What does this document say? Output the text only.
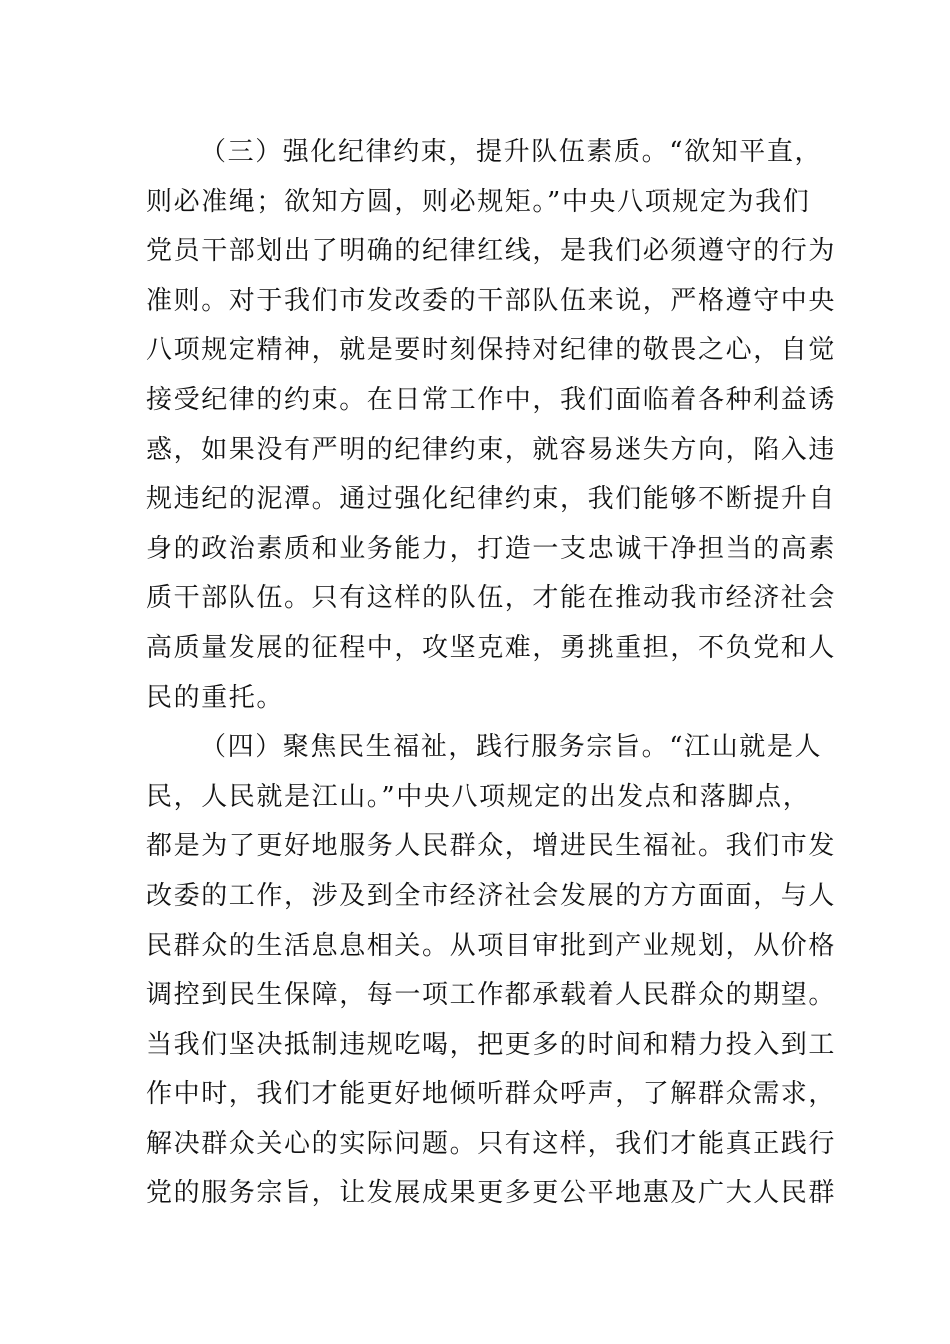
（三）强化纪律约束，提升队伍素质。“欲知平直，
则必准绳；欲知方圆，则必规矩。”中央八项规定为我们
党员干部划出了明确的纪律红线，是我们必须遵守的行为
准则。对于我们市发改委的干部队伍来说，严格遵守中央
八项规定精神，就是要时刻保持对纪律的敬畏之心，自觉
接受纪律的约束。在日常工作中，我们面临着各种利益诱
惑，如果没有严明的纪律约束，就容易迷失方向，陷入违
规违纪的泥潭。通过强化纪律约束，我们能够不断提升自
身的政治素质和业务能力，打造一支忠诚干净担当的高素
质干部队伍。只有这样的队伍，才能在推动我市经济社会
高质量发展的征程中，攻坚克难，勇挑重担，不负党和人
民的重托。
（四）聚焦民生福祉，践行服务宗旨。“江山就是人
民，人民就是江山。”中央八项规定的出发点和落脚点，
都是为了更好地服务人民群众，增进民生福祉。我们市发
改委的工作，涉及到全市经济社会发展的方方面面，与人
民群众的生活息息相关。从项目审批到产业规划，从价格
调控到民生保障，每一项工作都承载着人民群众的期望。
当我们坚决抵制违规吃喝，把更多的时间和精力投入到工
作中时，我们才能更好地倾听群众呼声，了解群众需求，
解决群众关心的实际问题。只有这样，我们才能真正践行
党的服务宗旨，让发展成果更多更公平地惠及广大人民群
